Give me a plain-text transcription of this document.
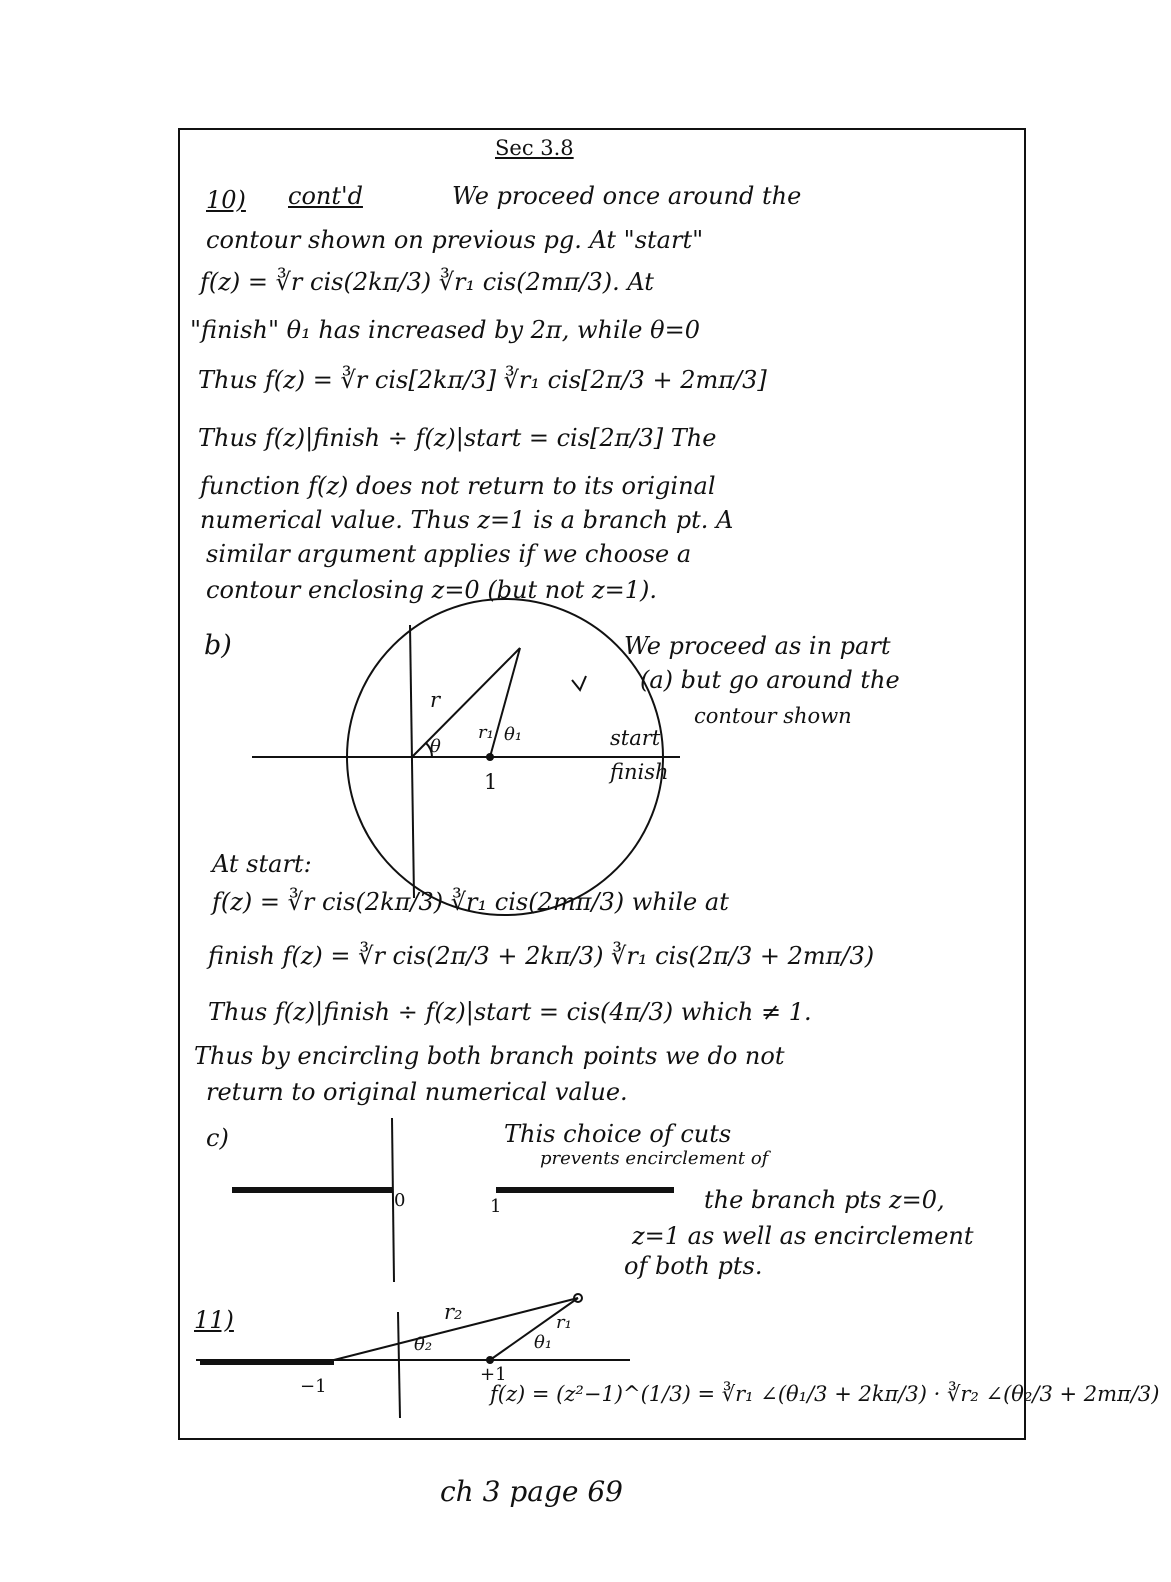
Sec 3.8
10) cont'd	We proceed once around the
contour shown on previous pg. At "start"
f(z) = ∛r cis(2kπ/3) ∛r₁ cis(2mπ/3). At
"finish" θ₁ has increased by 2π, while θ=0
Thus f(z) = ∛r cis[2kπ/3] ∛r₁ cis[2π/3 + 2mπ/3]
Thus f(z)|finish ÷ f(z)|start = cis[2π/3] The
function f(z) does not return to its original
numerical value. Thus z=1 is a branch pt. A
similar argument applies if we choose a
contour enclosing z=0 (but not z=1).
b)
r
r₁
θ
θ₁
1
start
finish
We proceed as in part
(a) but go around the
contour shown
At start:
f(z) = ∛r cis(2kπ/3) ∛r₁ cis(2mπ/3) while at
finish f(z) = ∛r cis(2π/3 + 2kπ/3) ∛r₁ cis(2π/3 + 2mπ/3)
Thus f(z)|finish ÷ f(z)|start = cis(4π/3) which ≠ 1.
Thus by encircling both branch points we do not
return to original numerical value.
c)
0	1
This choice of cuts
prevents encirclement of
the branch pts z=0,
z=1 as well as encirclement
of both pts.
11)	r₂	r₁
θ₂	θ₁
−1
+1
f(z) = (z²−1)^(1/3) = ∛r₁ ∠(θ₁/3 + 2kπ/3) · ∛r₂ ∠(θ₂/3 + 2mπ/3)
ch 3 page 69
